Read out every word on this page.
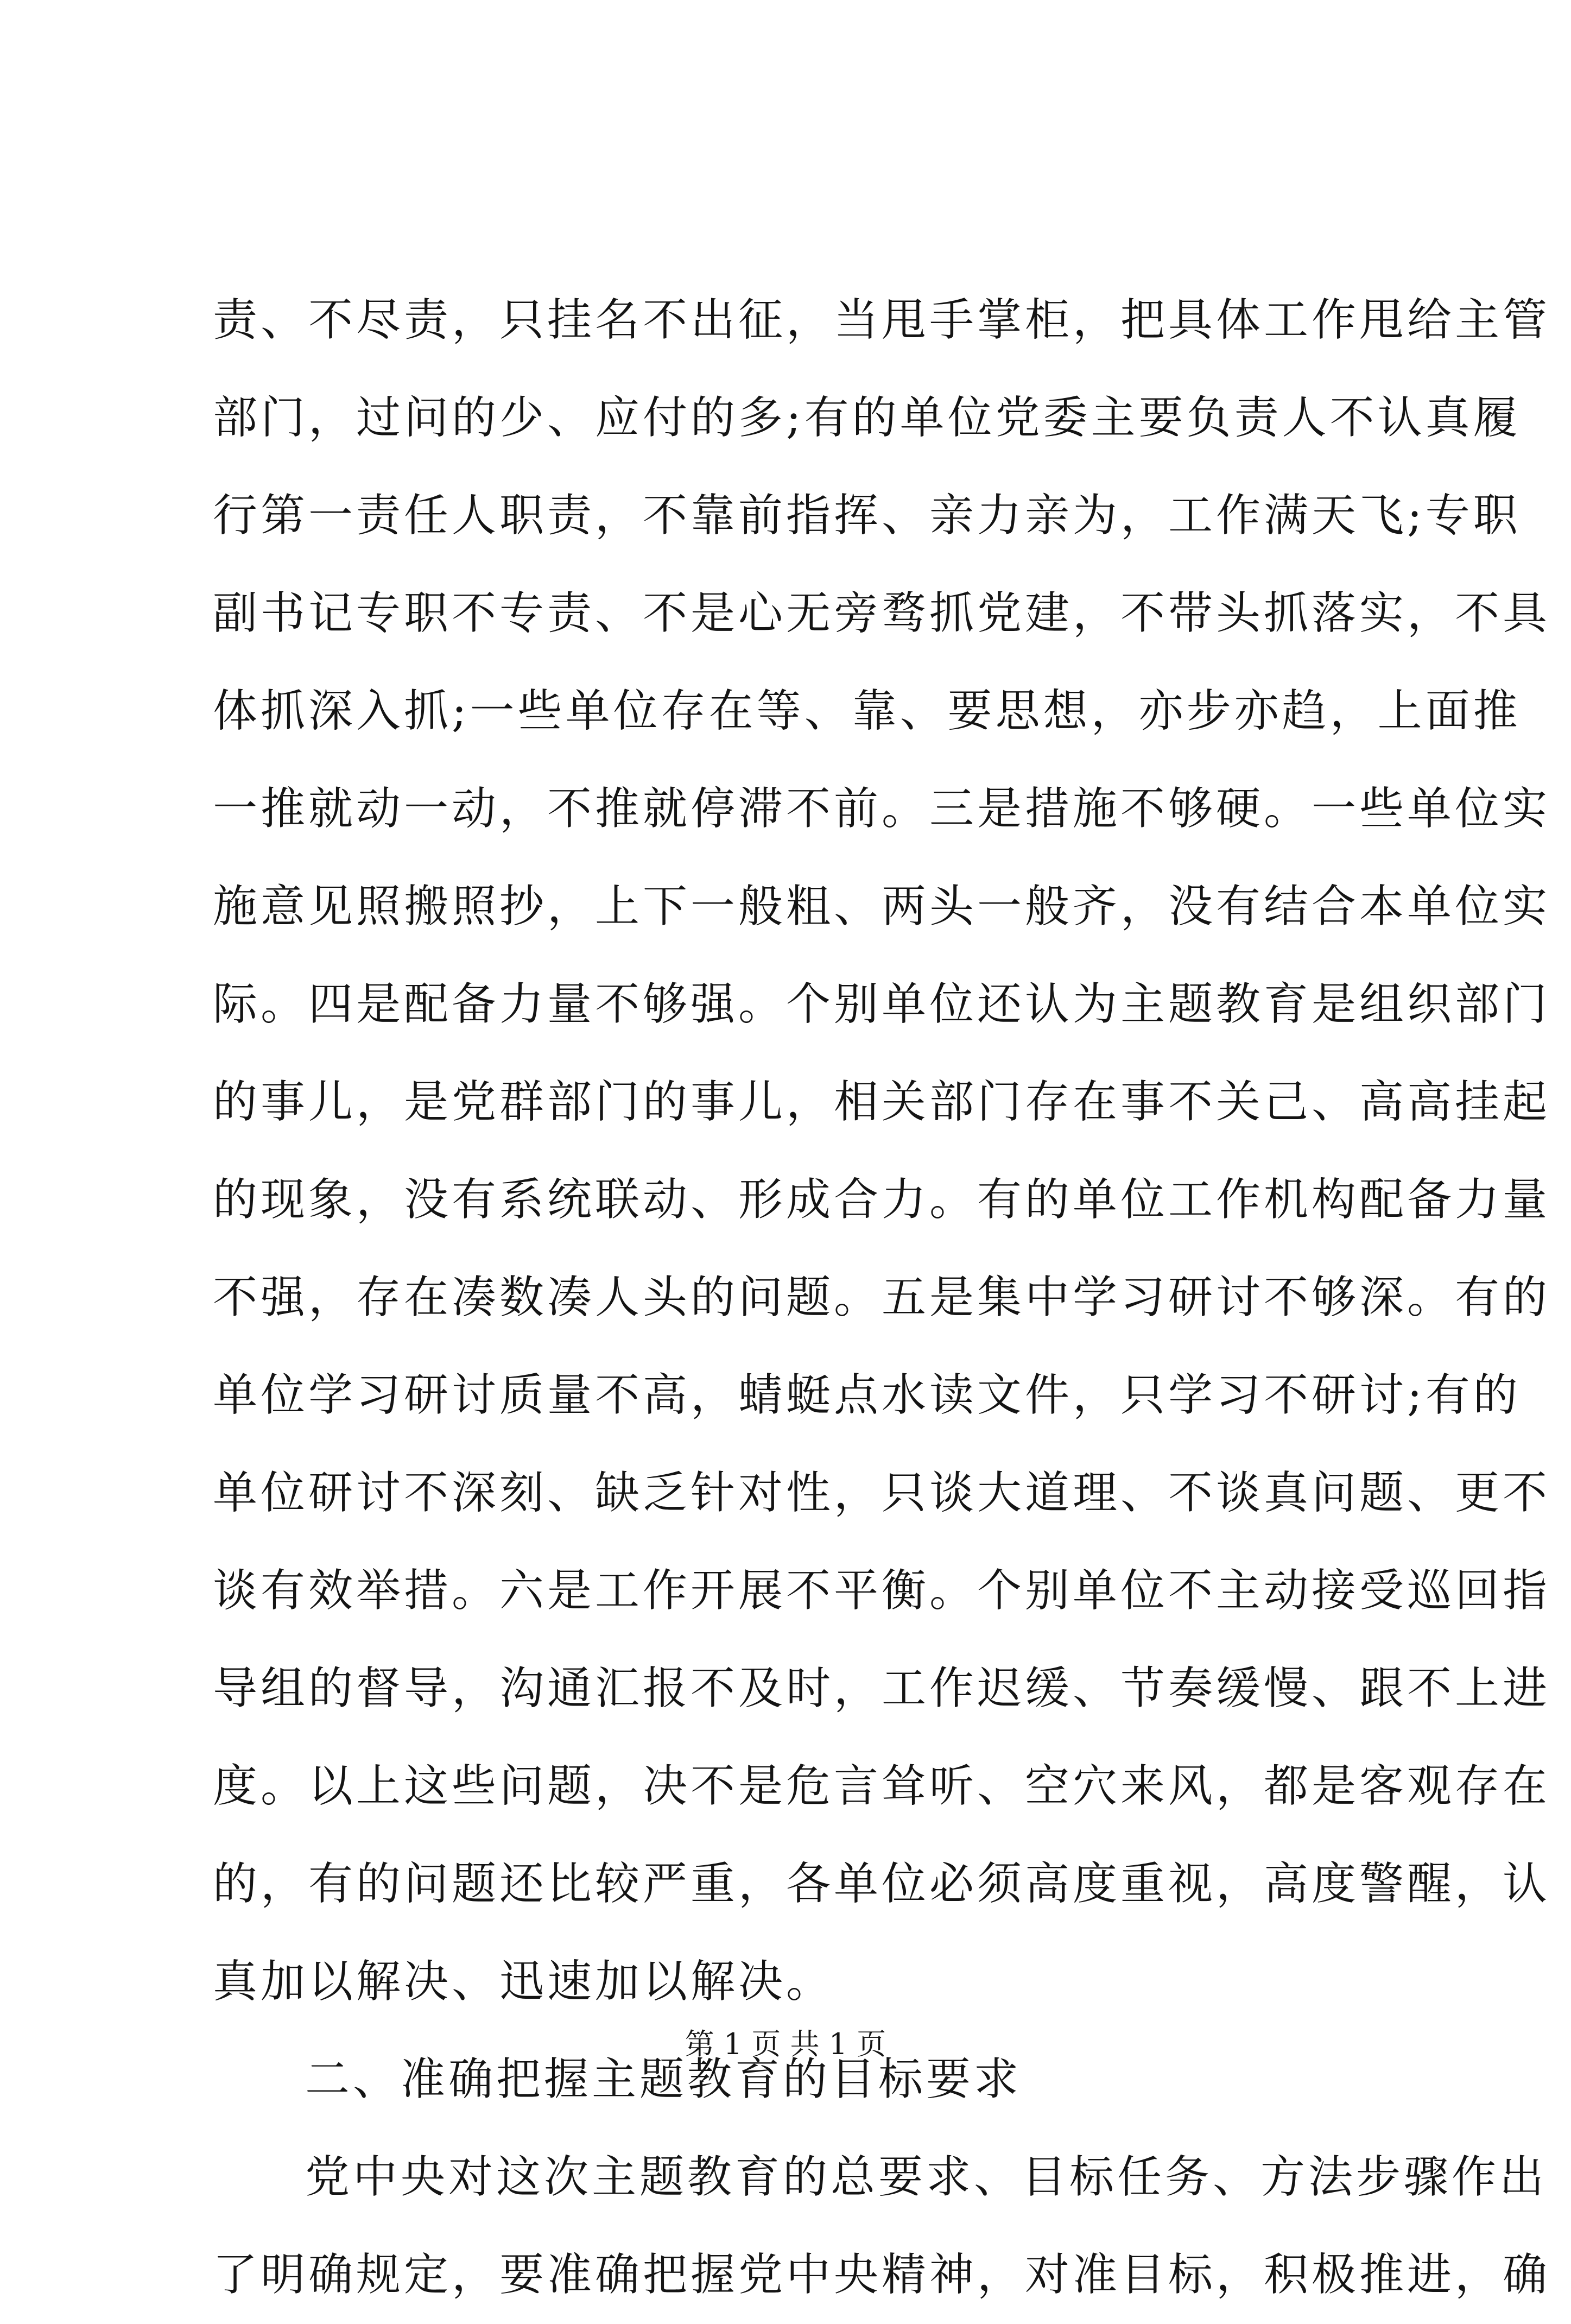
责、不尽责，只挂名不出征，当甩手掌柜，把具体工作甩给主管
部门，过问的少、应付的多;有的单位党委主要负责人不认真履
行第一责任人职责，不靠前指挥、亲力亲为，工作满天飞;专职
副书记专职不专责、不是心无旁骛抓党建，不带头抓落实，不具
体抓深入抓;一些单位存在等、靠、要思想，亦步亦趋，上面推
一推就动一动，不推就停滞不前。三是措施不够硬。一些单位实
施意见照搬照抄，上下一般粗、两头一般齐，没有结合本单位实
际。四是配备力量不够强。个别单位还认为主题教育是组织部门
的事儿，是党群部门的事儿，相关部门存在事不关己、高高挂起
的现象，没有系统联动、形成合力。有的单位工作机构配备力量
不强，存在凑数凑人头的问题。五是集中学习研讨不够深。有的
单位学习研讨质量不高，蜻蜓点水读文件，只学习不研讨;有的
单位研讨不深刻、缺乏针对性，只谈大道理、不谈真问题、更不
谈有效举措。六是工作开展不平衡。个别单位不主动接受巡回指
导组的督导，沟通汇报不及时，工作迟缓、节奏缓慢、跟不上进
度。以上这些问题，决不是危言耸听、空穴来风，都是客观存在
的，有的问题还比较严重，各单位必须高度重视，高度警醒，认
真加以解决、迅速加以解决。
二、准确把握主题教育的目标要求
党中央对这次主题教育的总要求、目标任务、方法步骤作出
了明确规定，要准确把握党中央精神，对准目标，积极推进，确
第 1 页 共 1 页
